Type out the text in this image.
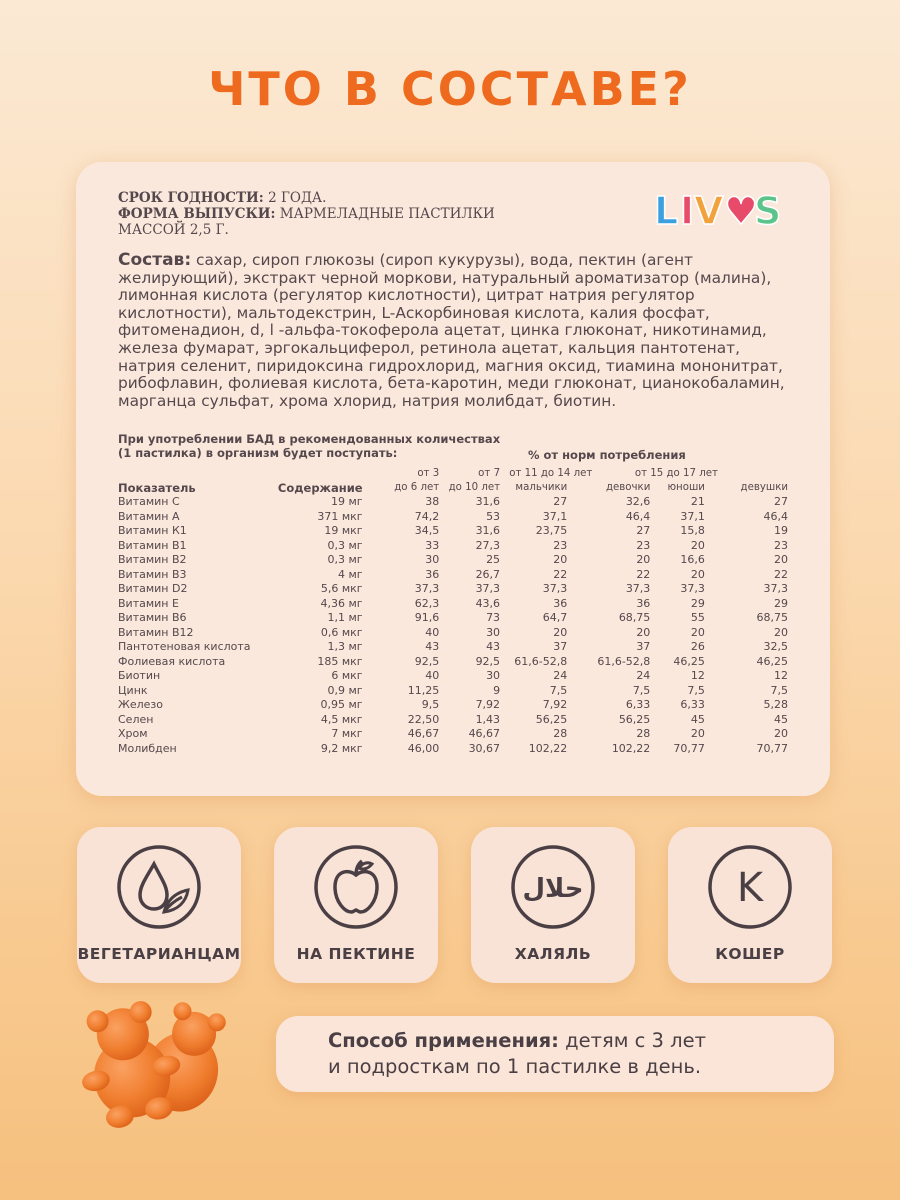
ЧТО В СОСТАВЕ?
СРОК ГОДНОСТИ: 2 ГОДА.
ФОРМА ВЫПУСКИ: МАРМЕЛАДНЫЕ ПАСТИЛКИ
МАССОЙ 2,5 Г.	L I V ♥
S
Состав: сахар, сироп глюкозы (сироп кукурузы), вода, пектин (агент желирующий), экстракт черной моркови, натуральный ароматизатор (малина), лимонная кислота (регулятор кислотности), цитрат натрия регулятор кислотности), мальтодекстрин, L-Аскорбиновая кислота, калия фосфат, фитоменадион, d, l -альфа-токоферола ацетат, цинка глюконат, никотинамид, железа фумарат, эргокальциферол, ретинола ацетат, кальция пантотенат, натрия селенит, пиридоксина гидрохлорид, магния оксид, тиамина мононитрат, рибофлавин, фолиевая кислота, бета-каротин, меди глюконат, цианокобаламин, марганца сульфат, хрома хлорид, натрия молибдат, биотин.
При употреблении БАД в рекомендованных количествах
(1 пастилка) в организм будет поступать:	% от норм потребления
		от 3	от 7		от 11 до 14 лет		от 15 до 17 лет
Показатель	Содержание	до 6 лет	до 10 лет	мальчики	девочки	юноши	девушки
Витамин С	19 мг	38	31,6	27	32,6	21	27
Витамин А	371 мкг	74,2	53	37,1	46,4	37,1	46,4
Витамин К1	19 мкг	34,5	31,6	23,75	27	15,8	19
Витамин В1	0,3 мг	33	27,3	23	23	20	23
Витамин В2	0,3 мг	30	25	20	20	16,6	20
Витамин В3	4 мг	36	26,7	22	22	20	22
Витамин D2	5,6 мкг	37,3	37,3	37,3	37,3	37,3	37,3
Витамин Е	4,36 мг	62,3	43,6	36	36	29	29
Витамин В6	1,1 мг	91,6	73	64,7	68,75	55	68,75
Витамин В12	0,6 мкг	40	30	20	20	20	20
Пантотеновая кислота	1,3 мг	43	43	37	37	26	32,5
Фолиевая кислота	185 мкг	92,5	92,5	61,6-52,8	61,6-52,8	46,25	46,25
Биотин	6 мкг	40	30	24	24	12	12
Цинк	0,9 мг	11,25	9	7,5	7,5	7,5	7,5
Железо	0,95 мг	9,5	7,92	7,92	6,33	6,33	5,28
Селен	4,5 мкг	22,50	1,43	56,25	56,25	45	45
Хром	7 мкг	46,67	46,67	28	28	20	20
Молибден	9,2 мкг	46,00	30,67	102,22	102,22	70,77	70,77
ВЕГЕТАРИАНЦАМ	НА ПЕКТИНЕ
حلال
ХАЛЯЛЬ
K
КОШЕР
Способ применения: детям с 3 лет
и подросткам по 1 пастилке в день.
